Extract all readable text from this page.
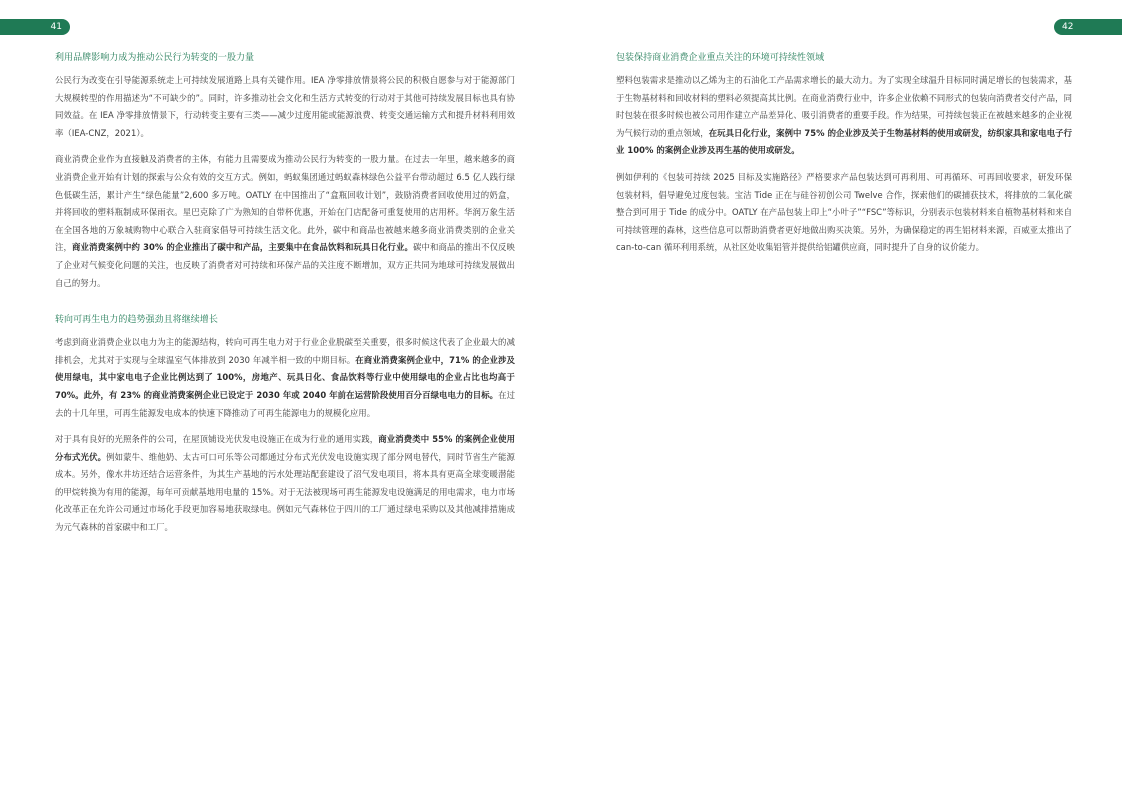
41	42
利用品牌影响力成为推动公民行为转变的一股力量

公民行为改变在引导能源系统走上可持续发展道路上具有关键作用。IEA 净零排放情景将公民的积极自愿参与对于能源部门大规模转型的作用描述为“不可缺少的”。同时，许多推动社会文化和生活方式转变的行动对于其他可持续发展目标也具有协同效益。在 IEA 净零排放情景下，行动转变主要有三类——减少过度用能或能源浪费、转变交通运输方式和提升材料利用效率（IEA-CNZ，2021）。

商业消费企业作为直接触及消费者的主体，有能力且需要成为推动公民行为转变的一股力量。在过去一年里，越来越多的商业消费企业开始有计划的探索与公众有效的交互方式。例如，蚂蚁集团通过蚂蚁森林绿色公益平台带动超过 6.5 亿人践行绿色低碳生活，累计产生“绿色能量”2,600 多万吨。OATLY 在中国推出了“盒瓶回收计划”，鼓励消费者回收使用过的奶盒，并将回收的塑料瓶制成环保雨衣。星巴克除了广为熟知的自带杯优惠，开始在门店配备可重复使用的店用杯。华润万象生活在全国各地的万象城购物中心联合入驻商家倡导可持续生活文化。此外，碳中和商品也被越来越多商业消费类别的企业关注，商业消费案例中约 30% 的企业推出了碳中和产品，主要集中在食品饮料和玩具日化行业。碳中和商品的推出不仅反映了企业对气候变化问题的关注，也反映了消费者对可持续和环保产品的关注度不断增加，双方正共同为地球可持续发展做出自己的努力。

转向可再生电力的趋势强劲且将继续增长

考虑到商业消费企业以电力为主的能源结构，转向可再生电力对于行业企业脱碳至关重要，很多时候这代表了企业最大的减排机会，尤其对于实现与全球温室气体排放到 2030 年减半相一致的中期目标。在商业消费案例企业中，71% 的企业涉及使用绿电，其中家电电子企业比例达到了 100%，房地产、玩具日化、食品饮料等行业中使用绿电的企业占比也均高于 70%。此外，有 23% 的商业消费案例企业已设定于 2030 年或 2040 年前在运营阶段使用百分百绿电电力的目标。在过去的十几年里，可再生能源发电成本的快速下降推动了可再生能源电力的规模化应用。

对于具有良好的光照条件的公司，在屋顶铺设光伏发电设施正在成为行业的通用实践，商业消费类中 55% 的案例企业使用分布式光伏。例如蒙牛、维他奶、太古可口可乐等公司都通过分布式光伏发电设施实现了部分网电替代，同时节省生产能源成本。另外，像水井坊还结合运营条件，为其生产基地的污水处理站配套建设了沼气发电项目，将本具有更高全球变暖潜能的甲烷转换为有用的能源，每年可贡献基地用电量的 15%。对于无法被现场可再生能源发电设施满足的用电需求，电力市场化改革正在允许公司通过市场化手段更加容易地获取绿电。例如元气森林位于四川的工厂通过绿电采购以及其他减排措施成为元气森林的首家碳中和工厂。

包装保持商业消费企业重点关注的环境可持续性领域

塑料包装需求是推动以乙烯为主的石油化工产品需求增长的最大动力。为了实现全球温升目标同时满足增长的包装需求，基于生物基材料和回收材料的塑料必须提高其比例。在商业消费行业中，许多企业依赖不同形式的包装向消费者交付产品，同时包装在很多时候也被公司用作建立产品差异化、吸引消费者的重要手段。作为结果，可持续包装正在被越来越多的企业视为气候行动的重点领域，在玩具日化行业，案例中 75% 的企业涉及关于生物基材料的使用或研发，纺织家具和家电电子行业 100% 的案例企业涉及再生基的使用或研发。

例如伊利的《包装可持续 2025 目标及实施路径》严格要求产品包装达到可再利用、可再循环、可再回收要求，研发环保包装材料，倡导避免过度包装。宝洁 Tide 正在与硅谷初创公司 Twelve 合作，探索他们的碳捕获技术，将排放的二氧化碳整合到可用于 Tide 的成分中。OATLY 在产品包装上印上“小叶子”“FSC”等标识，分别表示包装材料来自植物基材料和来自可持续管理的森林，这些信息可以帮助消费者更好地做出购买决策。另外，为确保稳定的再生铝材料来源，百威亚太推出了 can-to-can 循环利用系统，从社区处收集铝管并提供给铝罐供应商，同时提升了自身的议价能力。
